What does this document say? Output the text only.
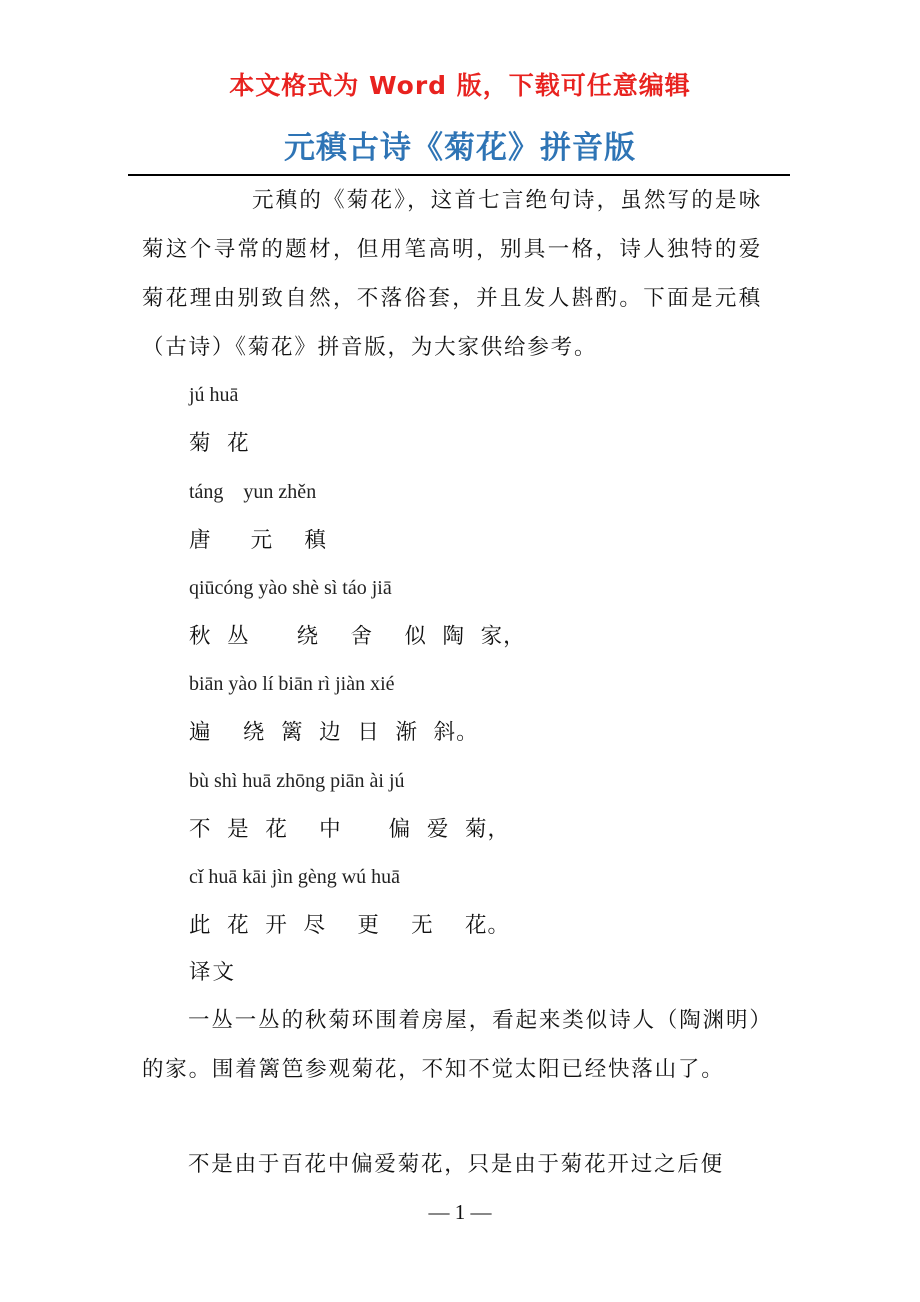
本文格式为 Word 版，下载可任意编辑
元稹古诗《菊花》拼音版

元稹的《菊花》，这首七言绝句诗，虽然写的是咏菊这个寻常的题材，但用笔高明，别具一格，诗人独特的爱菊花理由别致自然，不落俗套，并且发人斟酌。下面是元稹（古诗）《菊花》拼音版，为大家供给参考。

jú huā
菊  花
táng    yun zhěn
唐     元    稹
qiūcóng yào shè sì táo jiā
秋  丛      绕    舍    似  陶  家，
biān yào lí biān rì jiàn xié
遍    绕  篱  边  日  渐  斜。
bù shì huā zhōng piān ài jú
不  是  花    中      偏  爱  菊，
cǐ huā kāi jìn gèng wú huā
此  花  开  尽    更    无    花。
译文

一丛一丛的秋菊环围着房屋，看起来类似诗人（陶渊明）的家。围着篱笆参观菊花，不知不觉太阳已经快落山了。

不是由于百花中偏爱菊花，只是由于菊花开过之后便

— 1 —
